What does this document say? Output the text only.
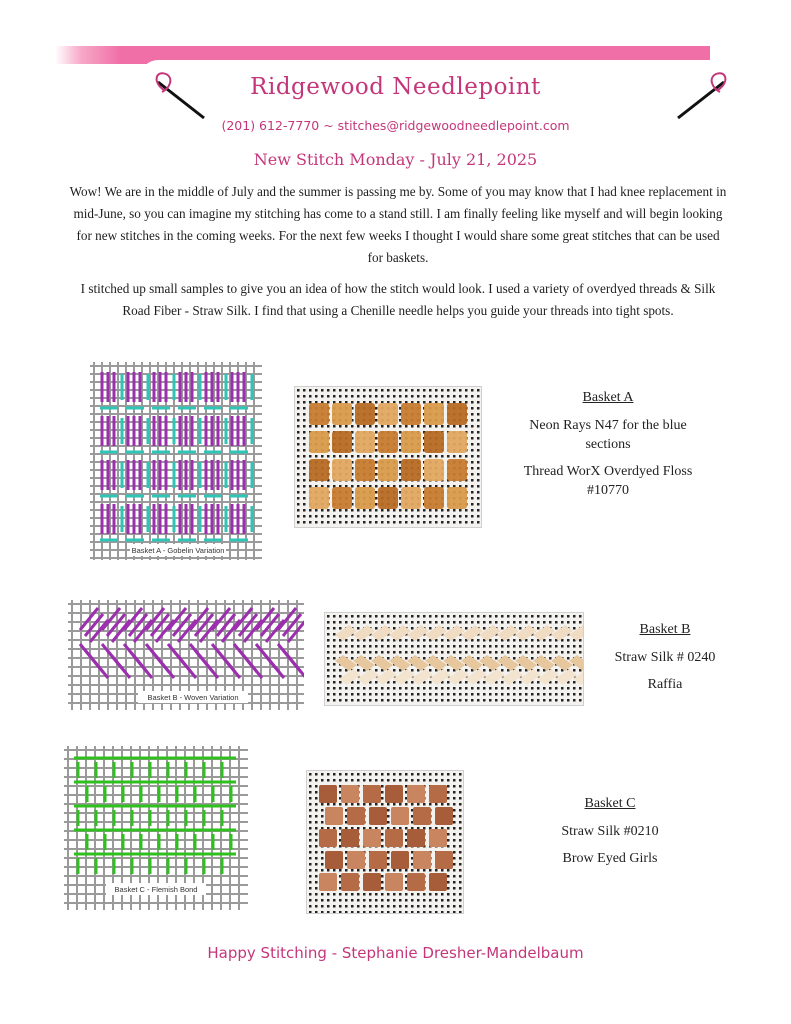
Ridgewood Needlepoint
(201) 612-7770 ~ stitches@ridgewoodneedlepoint.com
New Stitch Monday - July 21, 2025
Wow! We are in the middle of July and the summer is passing me by. Some of you may know that I had knee replacement in mid-June, so you can imagine my stitching has come to a stand still. I am finally feeling like myself and will begin looking for new stitches in the coming weeks. For the next few weeks I thought I would share some great stitches that can be used for baskets.
I stitched up small samples to give you an idea of how the stitch would look. I used a variety of overdyed threads & Silk Road Fiber - Straw Silk. I find that using a Chenille needle helps you guide your threads into tight spots.
Basket A - Gobelin Variation
Basket A
Neon Rays N47 for the blue sections
Thread WorX Overdyed Floss #10770
Basket B - Woven Variation
Basket B
Straw Silk # 0240
Raffia
Basket C - Flemish Bond
Basket C
Straw Silk #0210
Brow Eyed Girls
Happy Stitching - Stephanie Dresher-Mandelbaum
